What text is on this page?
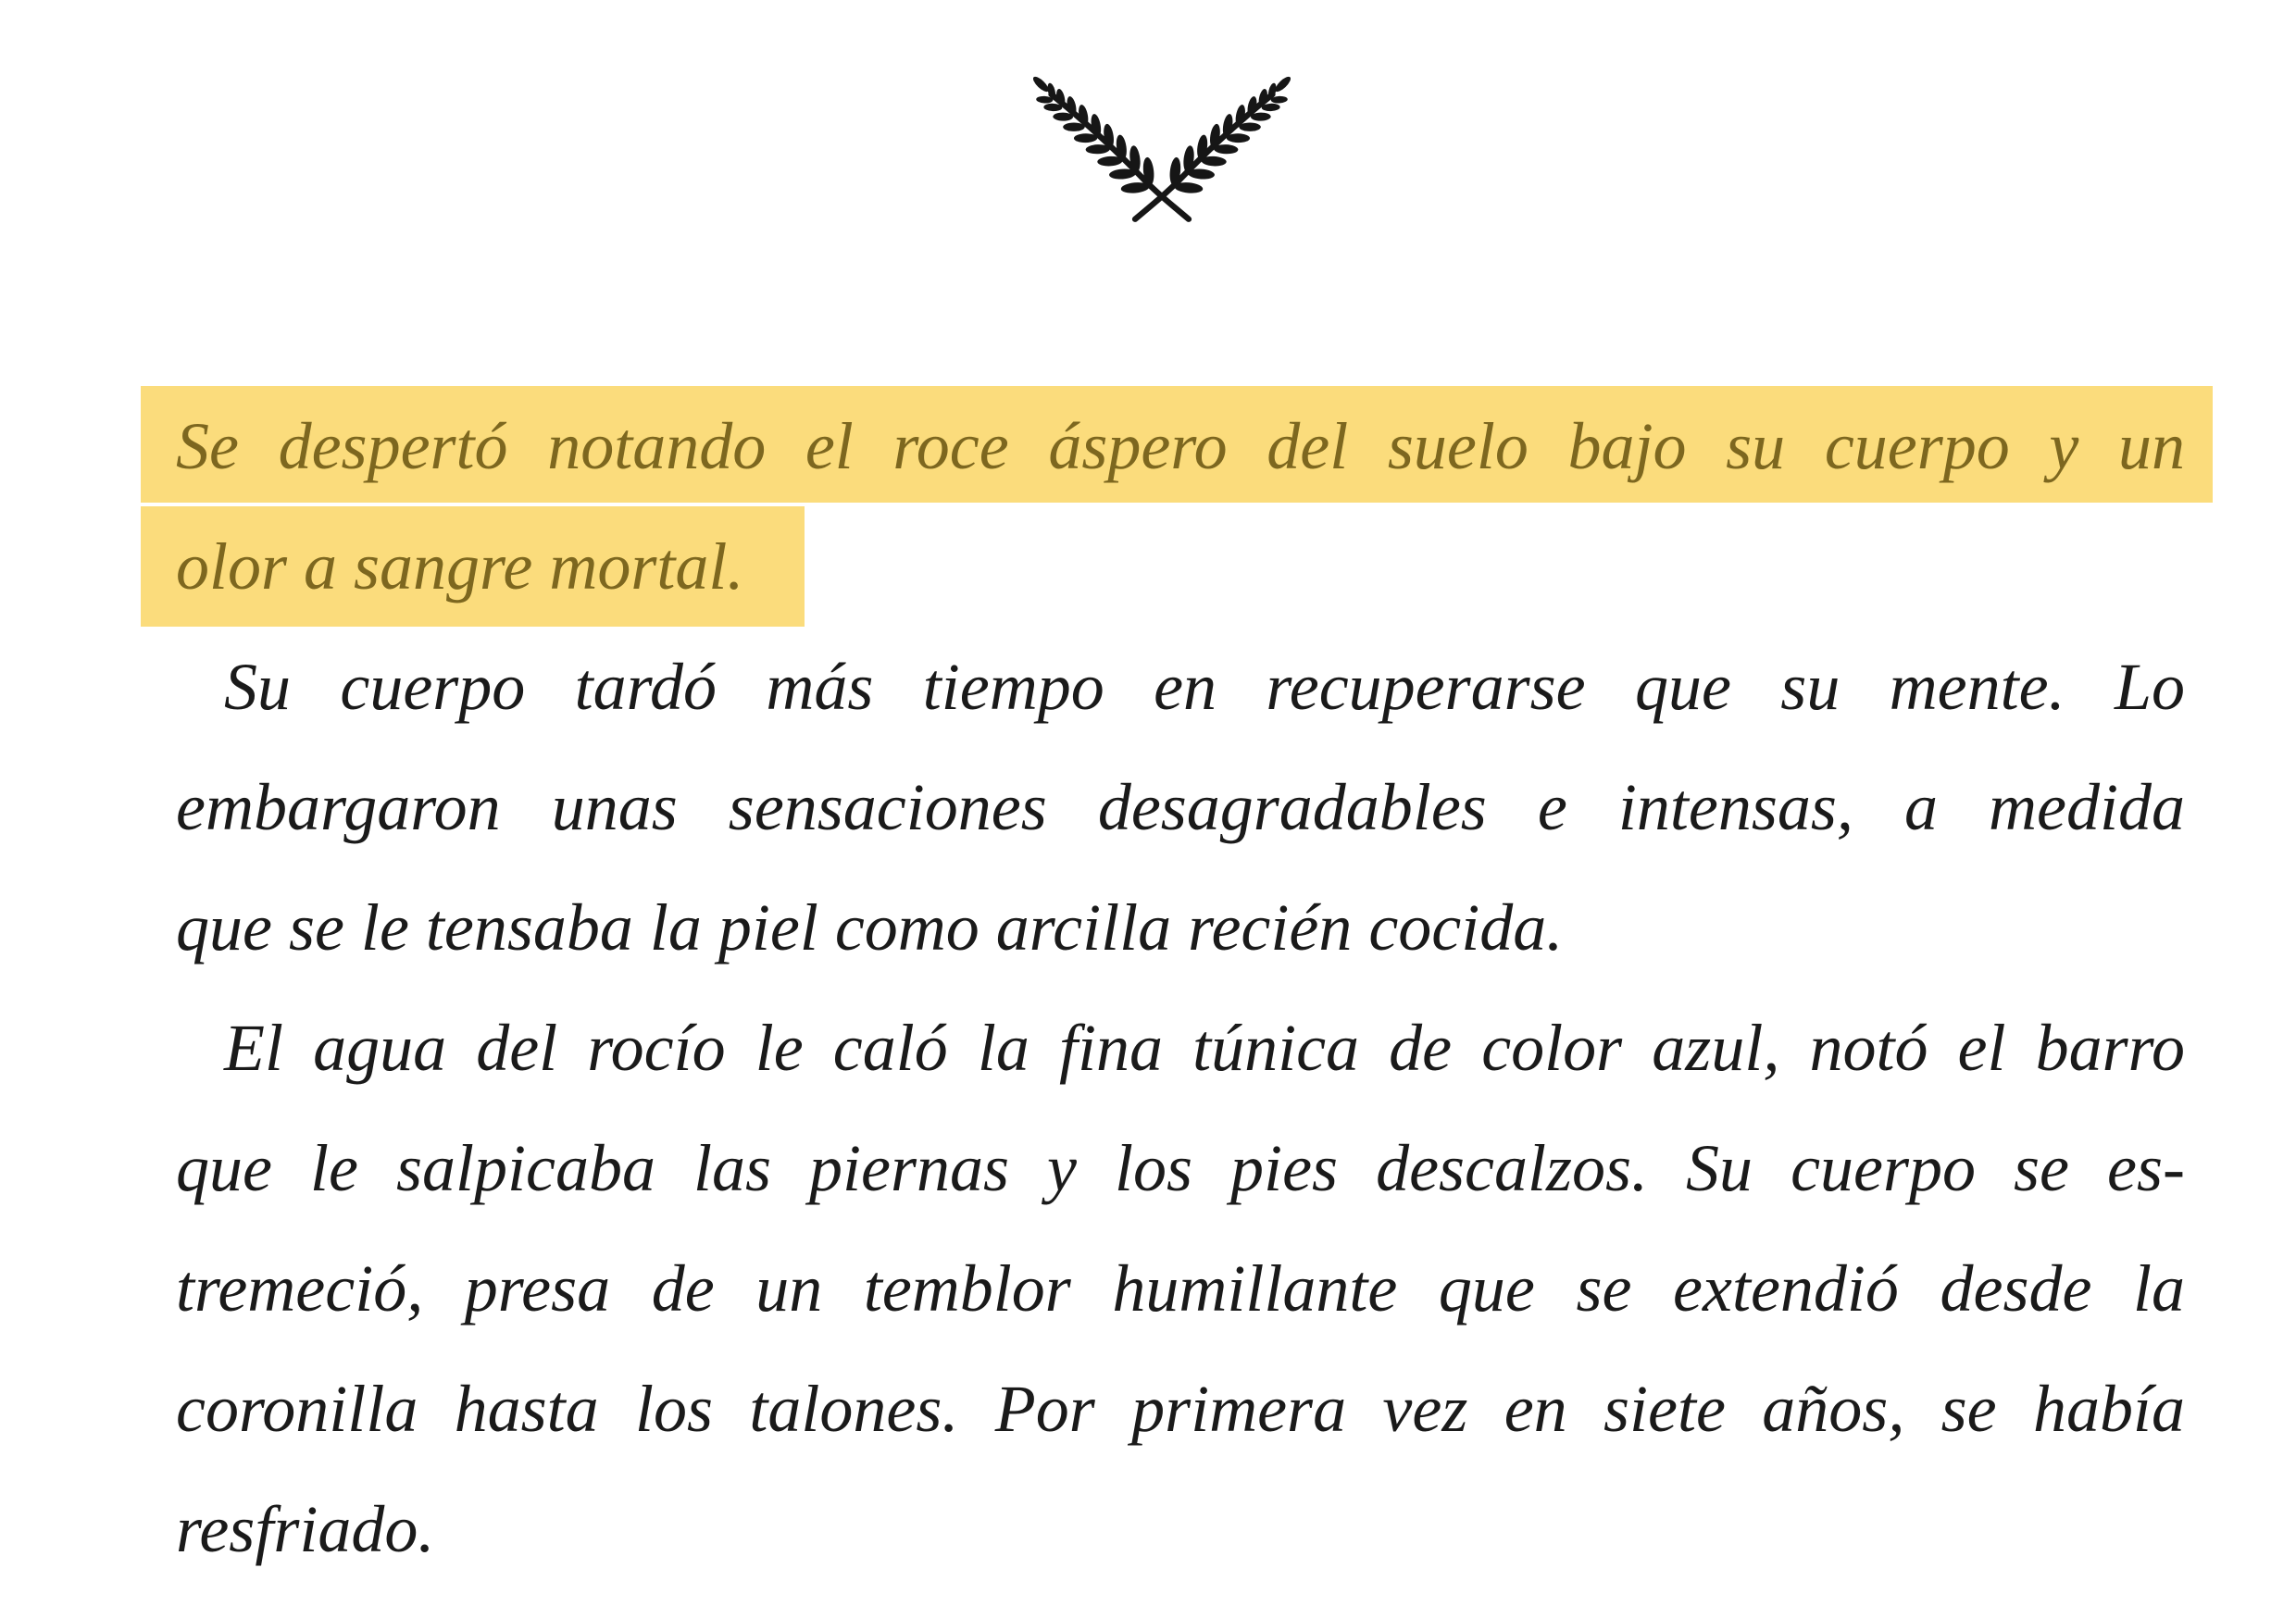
Se despertó notando el roce áspero del suelo bajo su cuerpo y un
olor a sangre mortal.
Su cuerpo tardó más tiempo en recuperarse que su mente. Lo
embargaron unas sensaciones desagradables e intensas, a medida
que se le tensaba la piel como arcilla recién cocida.
El agua del rocío le caló la fina túnica de color azul, notó el barro
que le salpicaba las piernas y los pies descalzos. Su cuerpo se es-
tremeció, presa de un temblor humillante que se extendió desde la
coronilla hasta los talones. Por primera vez en siete años, se había
resfriado.
